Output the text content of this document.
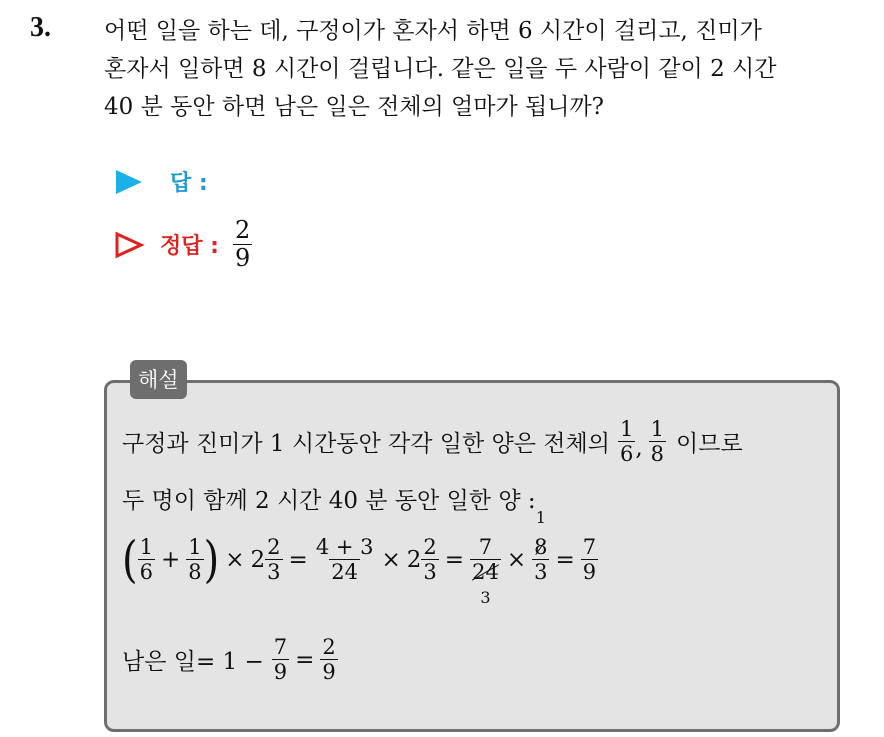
3. 어떤 일을 하는 데, 구정이가 혼자서 하면 6 시간이 걸리고, 진미가
혼자서 일하면 8 시간이 걸립니다. 같은 일을 두 사람이 같이 2 시간
40 분 동안 하면 남은 일은 전체의 얼마가 됩니까?
답 :
정답 : $\frac{2}{9}$
해설
구정과 진미가 1 시간동안 각각 일한 양은 전체의 $\frac{1}{6}$ , $\frac{1}{8}$ 이므로
두 명이 함께 2 시간 40 분 동안 일한 양 :
( $\frac{1}{6} + \frac{1}{8}$ ) × $2 \frac{2}{3} = \frac{4 + 3}{24} \times 2 \frac{2}{3} = 7$
24
3 × 1
8
$3 = \frac{7}{9}$
남은 일= $1 - \frac{7}{9} = \frac{2}{9}$
